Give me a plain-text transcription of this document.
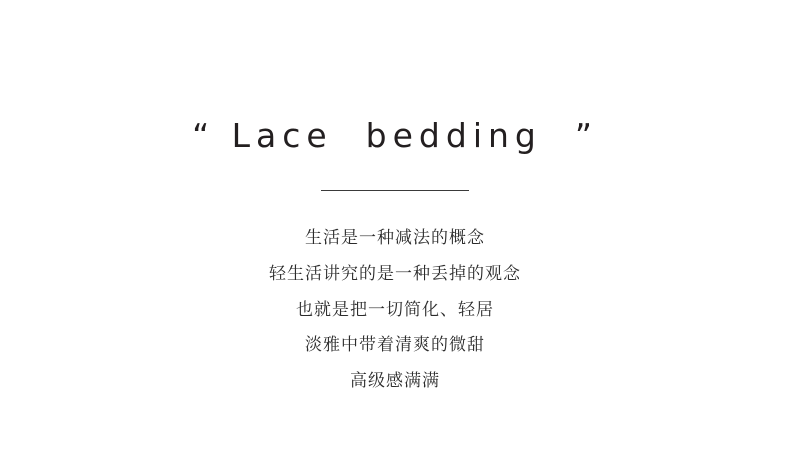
“ Lace  bedding  ”
生活是一种减法的概念
轻生活讲究的是一种丢掉的观念
也就是把一切简化、轻居
淡雅中带着清爽的微甜
高级感满满
